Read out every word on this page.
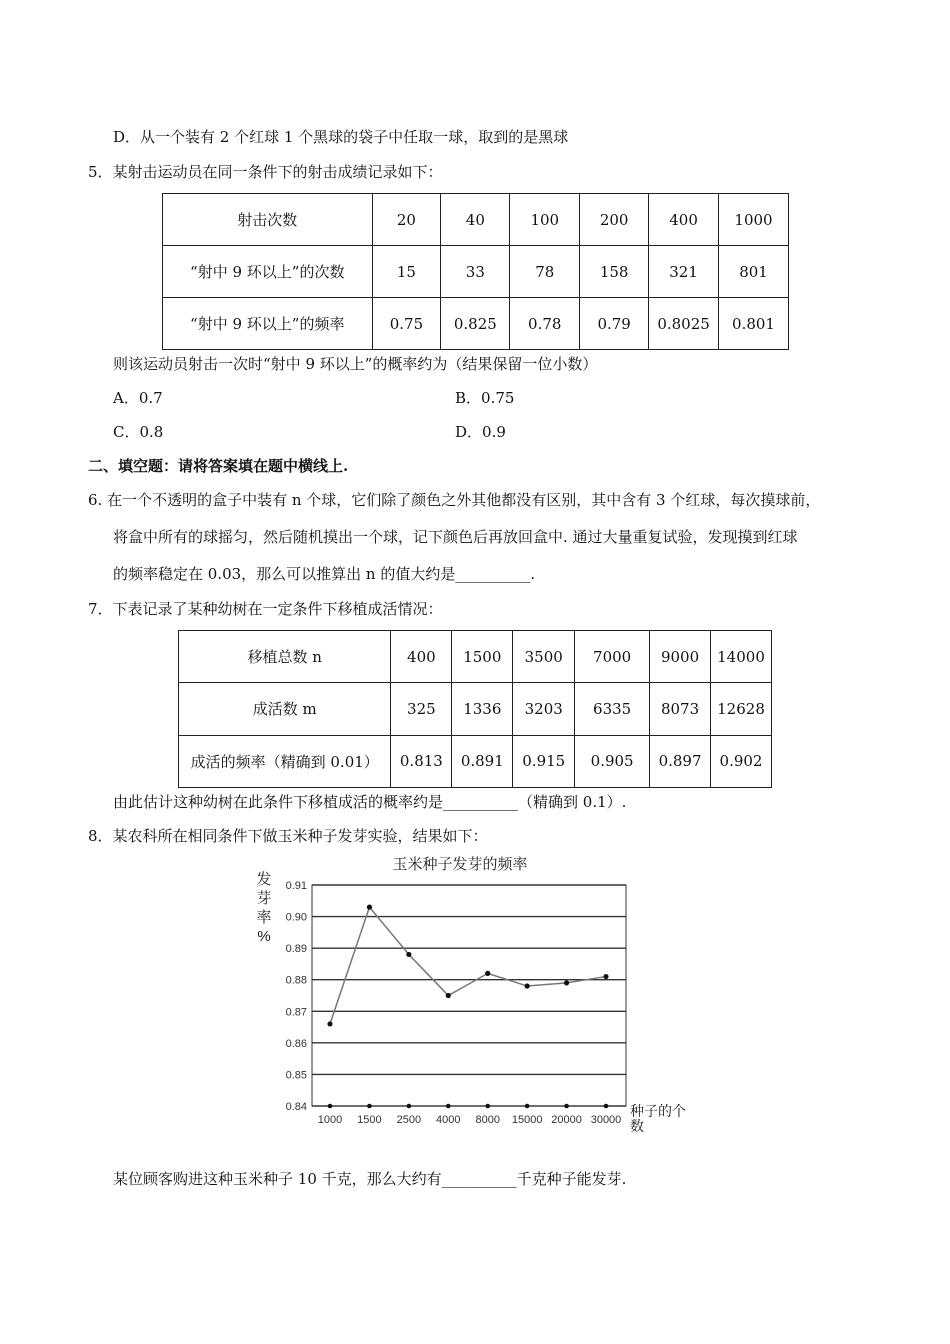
D．从一个装有 2 个红球 1 个黑球的袋子中任取一球，取到的是黑球
5．某射击运动员在同一条件下的射击成绩记录如下：
射击次数	20	40	100	200	400	1000
“射中 9 环以上”的次数	15	33	78	158	321	801
“射中 9 环以上”的频率	0.75	0.825	0.78	0.79	0.8025	0.801
则该运动员射击一次时“射中 9 环以上”的概率约为（结果保留一位小数）
A．0.7	B．0.75
C．0.8	D．0.9
二、填空题：请将答案填在题中横线上.
6. 在一个不透明的盒子中装有 n 个球，它们除了颜色之外其他都没有区别，其中含有 3 个红球，每次摸球前，
将盒中所有的球摇匀，然后随机摸出一个球，记下颜色后再放回盒中. 通过大量重复试验，发现摸到红球
的频率稳定在 0.03，那么可以推算出 n 的值大约是__________.
7．下表记录了某种幼树在一定条件下移植成活情况：
移植总数 n	400	1500	3500	7000	9000	14000
成活数 m	325	1336	3203	6335	8073	12628
成活的频率（精确到 0.01）	0.813	0.891	0.915	0.905	0.897	0.902
由此估计这种幼树在此条件下移植成活的概率约是__________（精确到 0.1）.
8．某农科所在相同条件下做玉米种子发芽实验，结果如下：
玉米种子发芽的频率
发
芽
率
%
种子的个
数
0.91
0.90
0.89
0.88
0.87
0.86
0.85
0.84
1000 1500 2500 4000 8000 15000 20000 30000
某位顾客购进这种玉米种子 10 千克，那么大约有__________千克种子能发芽.
